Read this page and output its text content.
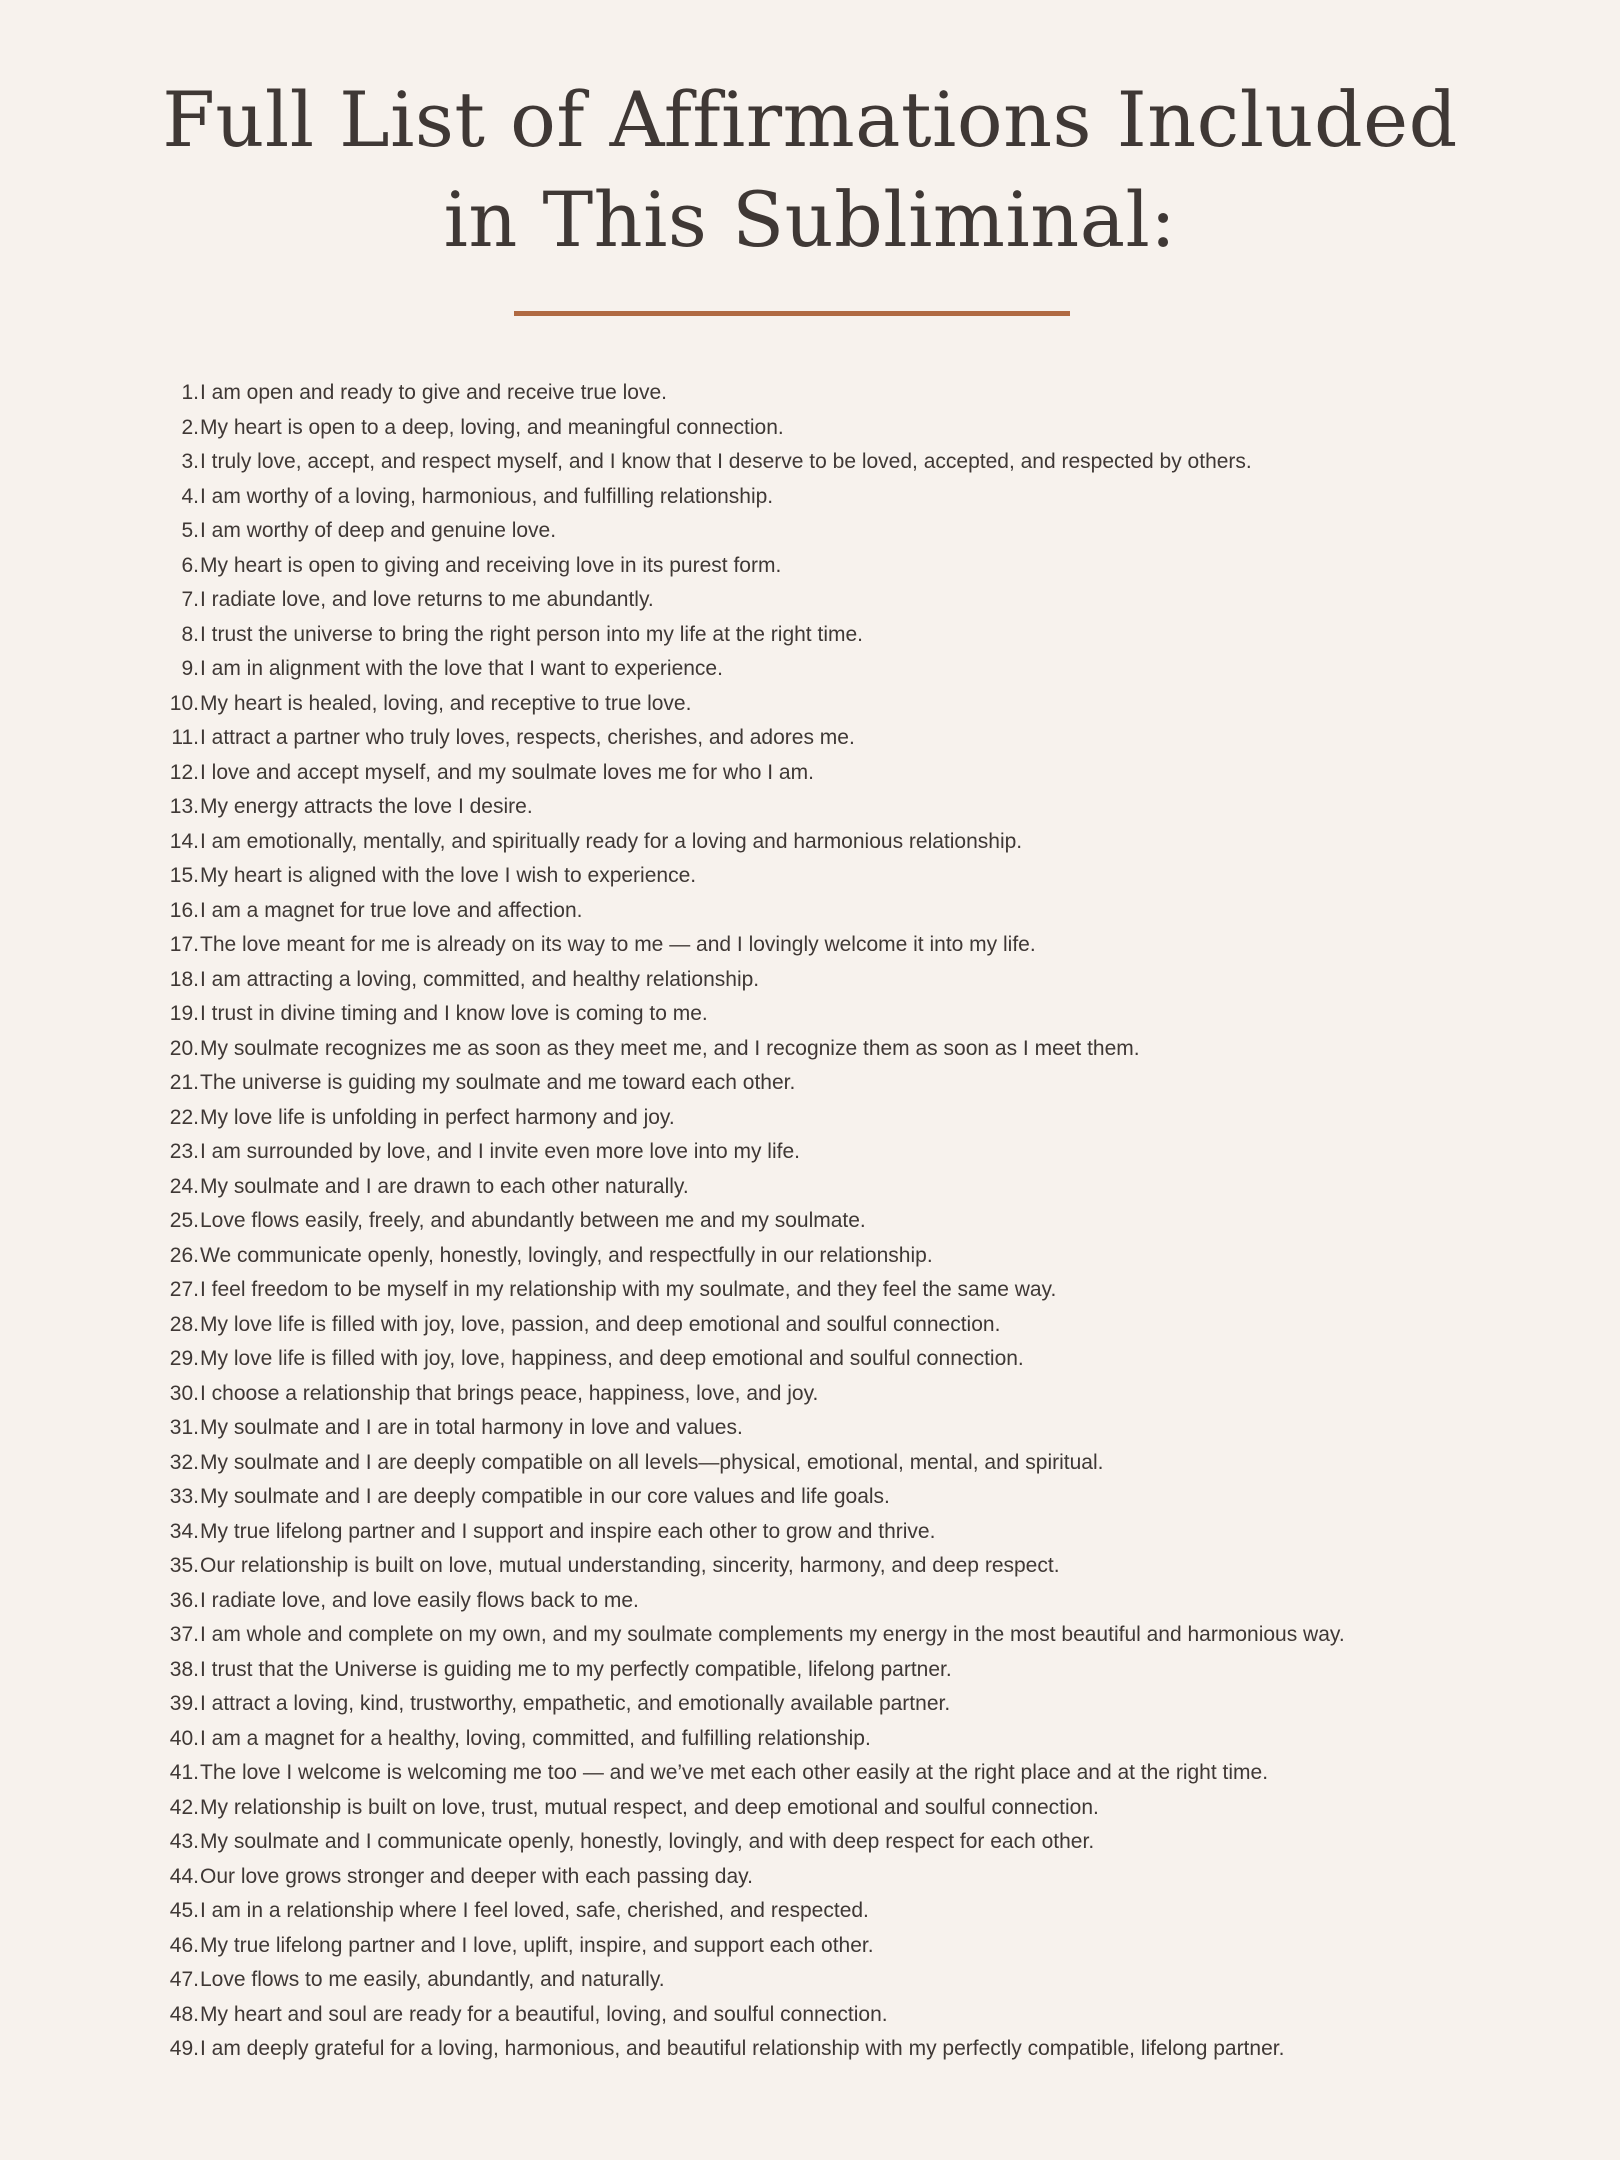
Full List of Affirmations Included
in This Subliminal:
1. I am open and ready to give and receive true love.
2. My heart is open to a deep, loving, and meaningful connection.
3. I truly love, accept, and respect myself, and I know that I deserve to be loved, accepted, and respected by others.
4. I am worthy of a loving, harmonious, and fulfilling relationship.
5. I am worthy of deep and genuine love.
6. My heart is open to giving and receiving love in its purest form.
7. I radiate love, and love returns to me abundantly.
8. I trust the universe to bring the right person into my life at the right time.
9. I am in alignment with the love that I want to experience.
10. My heart is healed, loving, and receptive to true love.
11. I attract a partner who truly loves, respects, cherishes, and adores me.
12. I love and accept myself, and my soulmate loves me for who I am.
13. My energy attracts the love I desire.
14. I am emotionally, mentally, and spiritually ready for a loving and harmonious relationship.
15. My heart is aligned with the love I wish to experience.
16. I am a magnet for true love and affection.
17. The love meant for me is already on its way to me — and I lovingly welcome it into my life.
18. I am attracting a loving, committed, and healthy relationship.
19. I trust in divine timing and I know love is coming to me.
20. My soulmate recognizes me as soon as they meet me, and I recognize them as soon as I meet them.
21. The universe is guiding my soulmate and me toward each other.
22. My love life is unfolding in perfect harmony and joy.
23. I am surrounded by love, and I invite even more love into my life.
24. My soulmate and I are drawn to each other naturally.
25. Love flows easily, freely, and abundantly between me and my soulmate.
26. We communicate openly, honestly, lovingly, and respectfully in our relationship.
27. I feel freedom to be myself in my relationship with my soulmate, and they feel the same way.
28. My love life is filled with joy, love, passion, and deep emotional and soulful connection.
29. My love life is filled with joy, love, happiness, and deep emotional and soulful connection.
30. I choose a relationship that brings peace, happiness, love, and joy.
31. My soulmate and I are in total harmony in love and values.
32. My soulmate and I are deeply compatible on all levels—physical, emotional, mental, and spiritual.
33. My soulmate and I are deeply compatible in our core values and life goals.
34. My true lifelong partner and I support and inspire each other to grow and thrive.
35. Our relationship is built on love, mutual understanding, sincerity, harmony, and deep respect.
36. I radiate love, and love easily flows back to me.
37. I am whole and complete on my own, and my soulmate complements my energy in the most beautiful and harmonious way.
38. I trust that the Universe is guiding me to my perfectly compatible, lifelong partner.
39. I attract a loving, kind, trustworthy, empathetic, and emotionally available partner.
40. I am a magnet for a healthy, loving, committed, and fulfilling relationship.
41. The love I welcome is welcoming me too — and we’ve met each other easily at the right place and at the right time.
42. My relationship is built on love, trust, mutual respect, and deep emotional and soulful connection.
43. My soulmate and I communicate openly, honestly, lovingly, and with deep respect for each other.
44. Our love grows stronger and deeper with each passing day.
45. I am in a relationship where I feel loved, safe, cherished, and respected.
46. My true lifelong partner and I love, uplift, inspire, and support each other.
47. Love flows to me easily, abundantly, and naturally.
48. My heart and soul are ready for a beautiful, loving, and soulful connection.
49. I am deeply grateful for a loving, harmonious, and beautiful relationship with my perfectly compatible, lifelong partner.
